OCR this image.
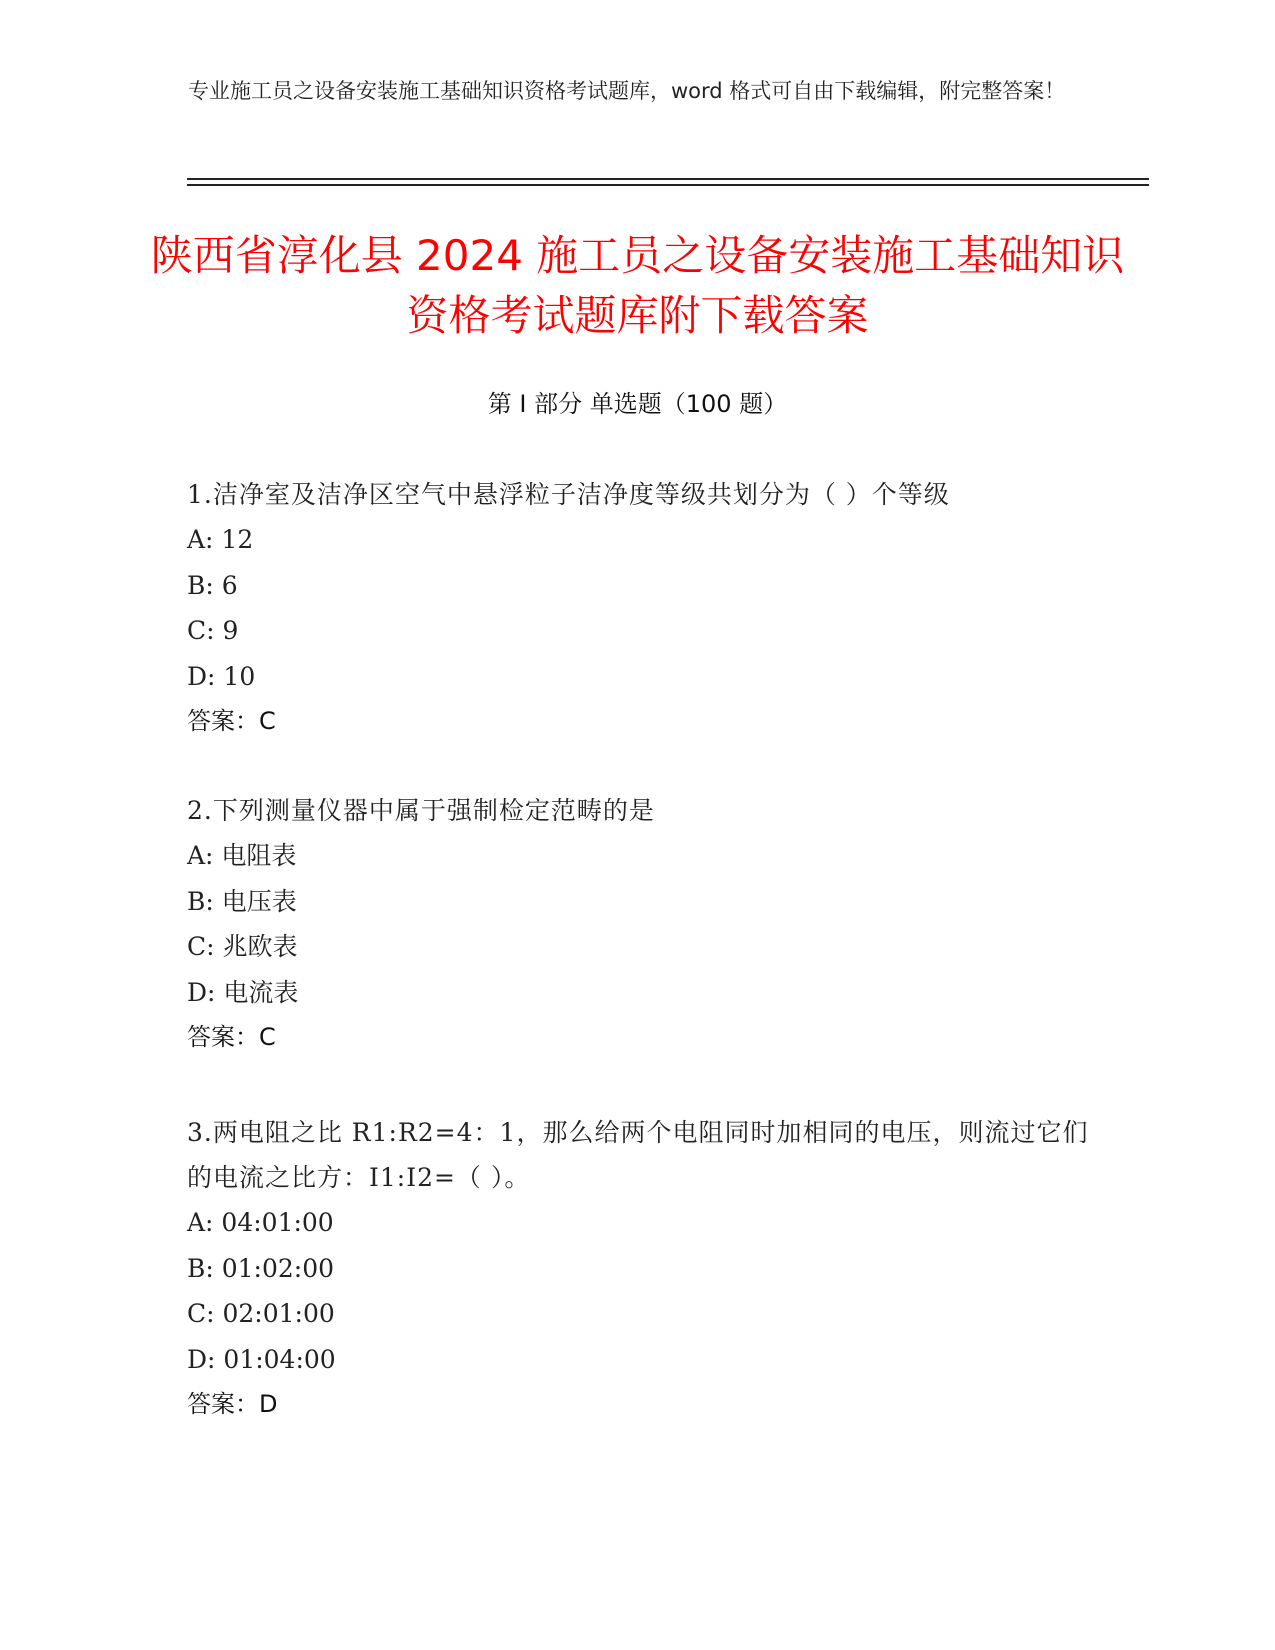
专业施工员之设备安装施工基础知识资格考试题库，word 格式可自由下载编辑，附完整答案！
陕西省淳化县 2024 施工员之设备安装施工基础知识资格考试题库附下载答案
第 I 部分 单选题（100 题）
1.洁净室及洁净区空气中悬浮粒子洁净度等级共划分为（ ）个等级
A: 12
B: 6
C: 9
D: 10
答案：C
2.下列测量仪器中属于强制检定范畴的是
A: 电阻表
B: 电压表
C: 兆欧表
D: 电流表
答案：C
3.两电阻之比 R1:R2=4：1，那么给两个电阻同时加相同的电压，则流过它们的电流之比方：I1:I2=（ ）。
A: 04:01:00
B: 01:02:00
C: 02:01:00
D: 01:04:00
答案：D
